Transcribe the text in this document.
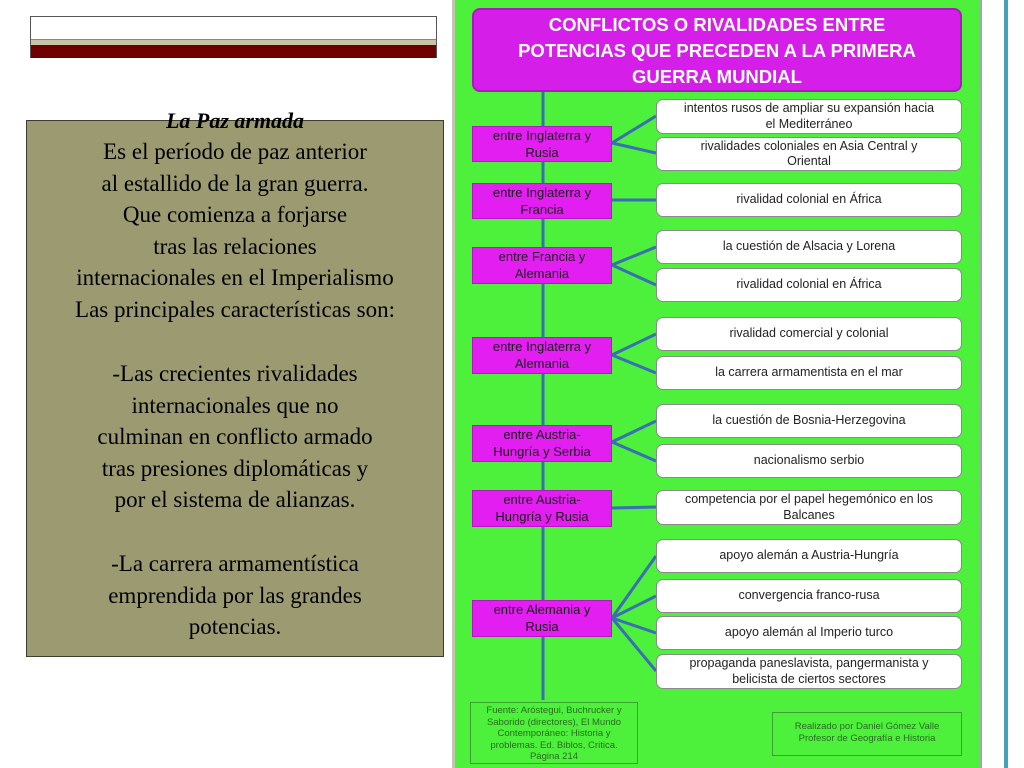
La Paz armada

Es el período de paz anterior
al estallido de la gran guerra.
Que comienza a forjarse
tras las relaciones
internacionales en el Imperialismo
Las principales características son:

-Las crecientes rivalidades
internacionales que no
culminan en conflicto armado
tras presiones diplomáticas y
por el sistema de alianzas.

-La carrera armamentística
emprendida por las grandes
potencias.

CONFLICTOS O RIVALIDADES ENTRE
POTENCIAS QUE PRECEDEN A LA PRIMERA
GUERRA MUNDIAL
entre Inglaterra y
Rusia
entre Inglaterra y
Francia
entre Francia y
Alemania
entre Inglaterra y
Alemania
entre Austria-
Hungría y Serbia
entre Austria-
Hungría y Rusia
entre Alemania y
Rusia
intentos rusos de ampliar su expansión hacia
el Mediterráneo
rivalidades coloniales en Asia Central y
Oriental
rivalidad colonial en África
la cuestión de Alsacia y Lorena
rivalidad colonial en África
rivalidad comercial y colonial
la carrera armamentista en el mar
la cuestión de Bosnia-Herzegovina
nacionalismo serbio
competencia por el papel hegemónico en los
Balcanes
apoyo alemán a Austria-Hungría
convergencia franco-rusa
apoyo alemán al Imperio turco
propaganda paneslavista, pangermanista y
belicista de ciertos sectores
Fuente: Aróstegui, Buchrucker y
Saborido (directores), El Mundo
Contemporáneo: Historia y
problemas. Ed. Biblos, Critica.
Página 214
Realizado por Daniel Gómez Valle
Profesor de Geografía e Historia
